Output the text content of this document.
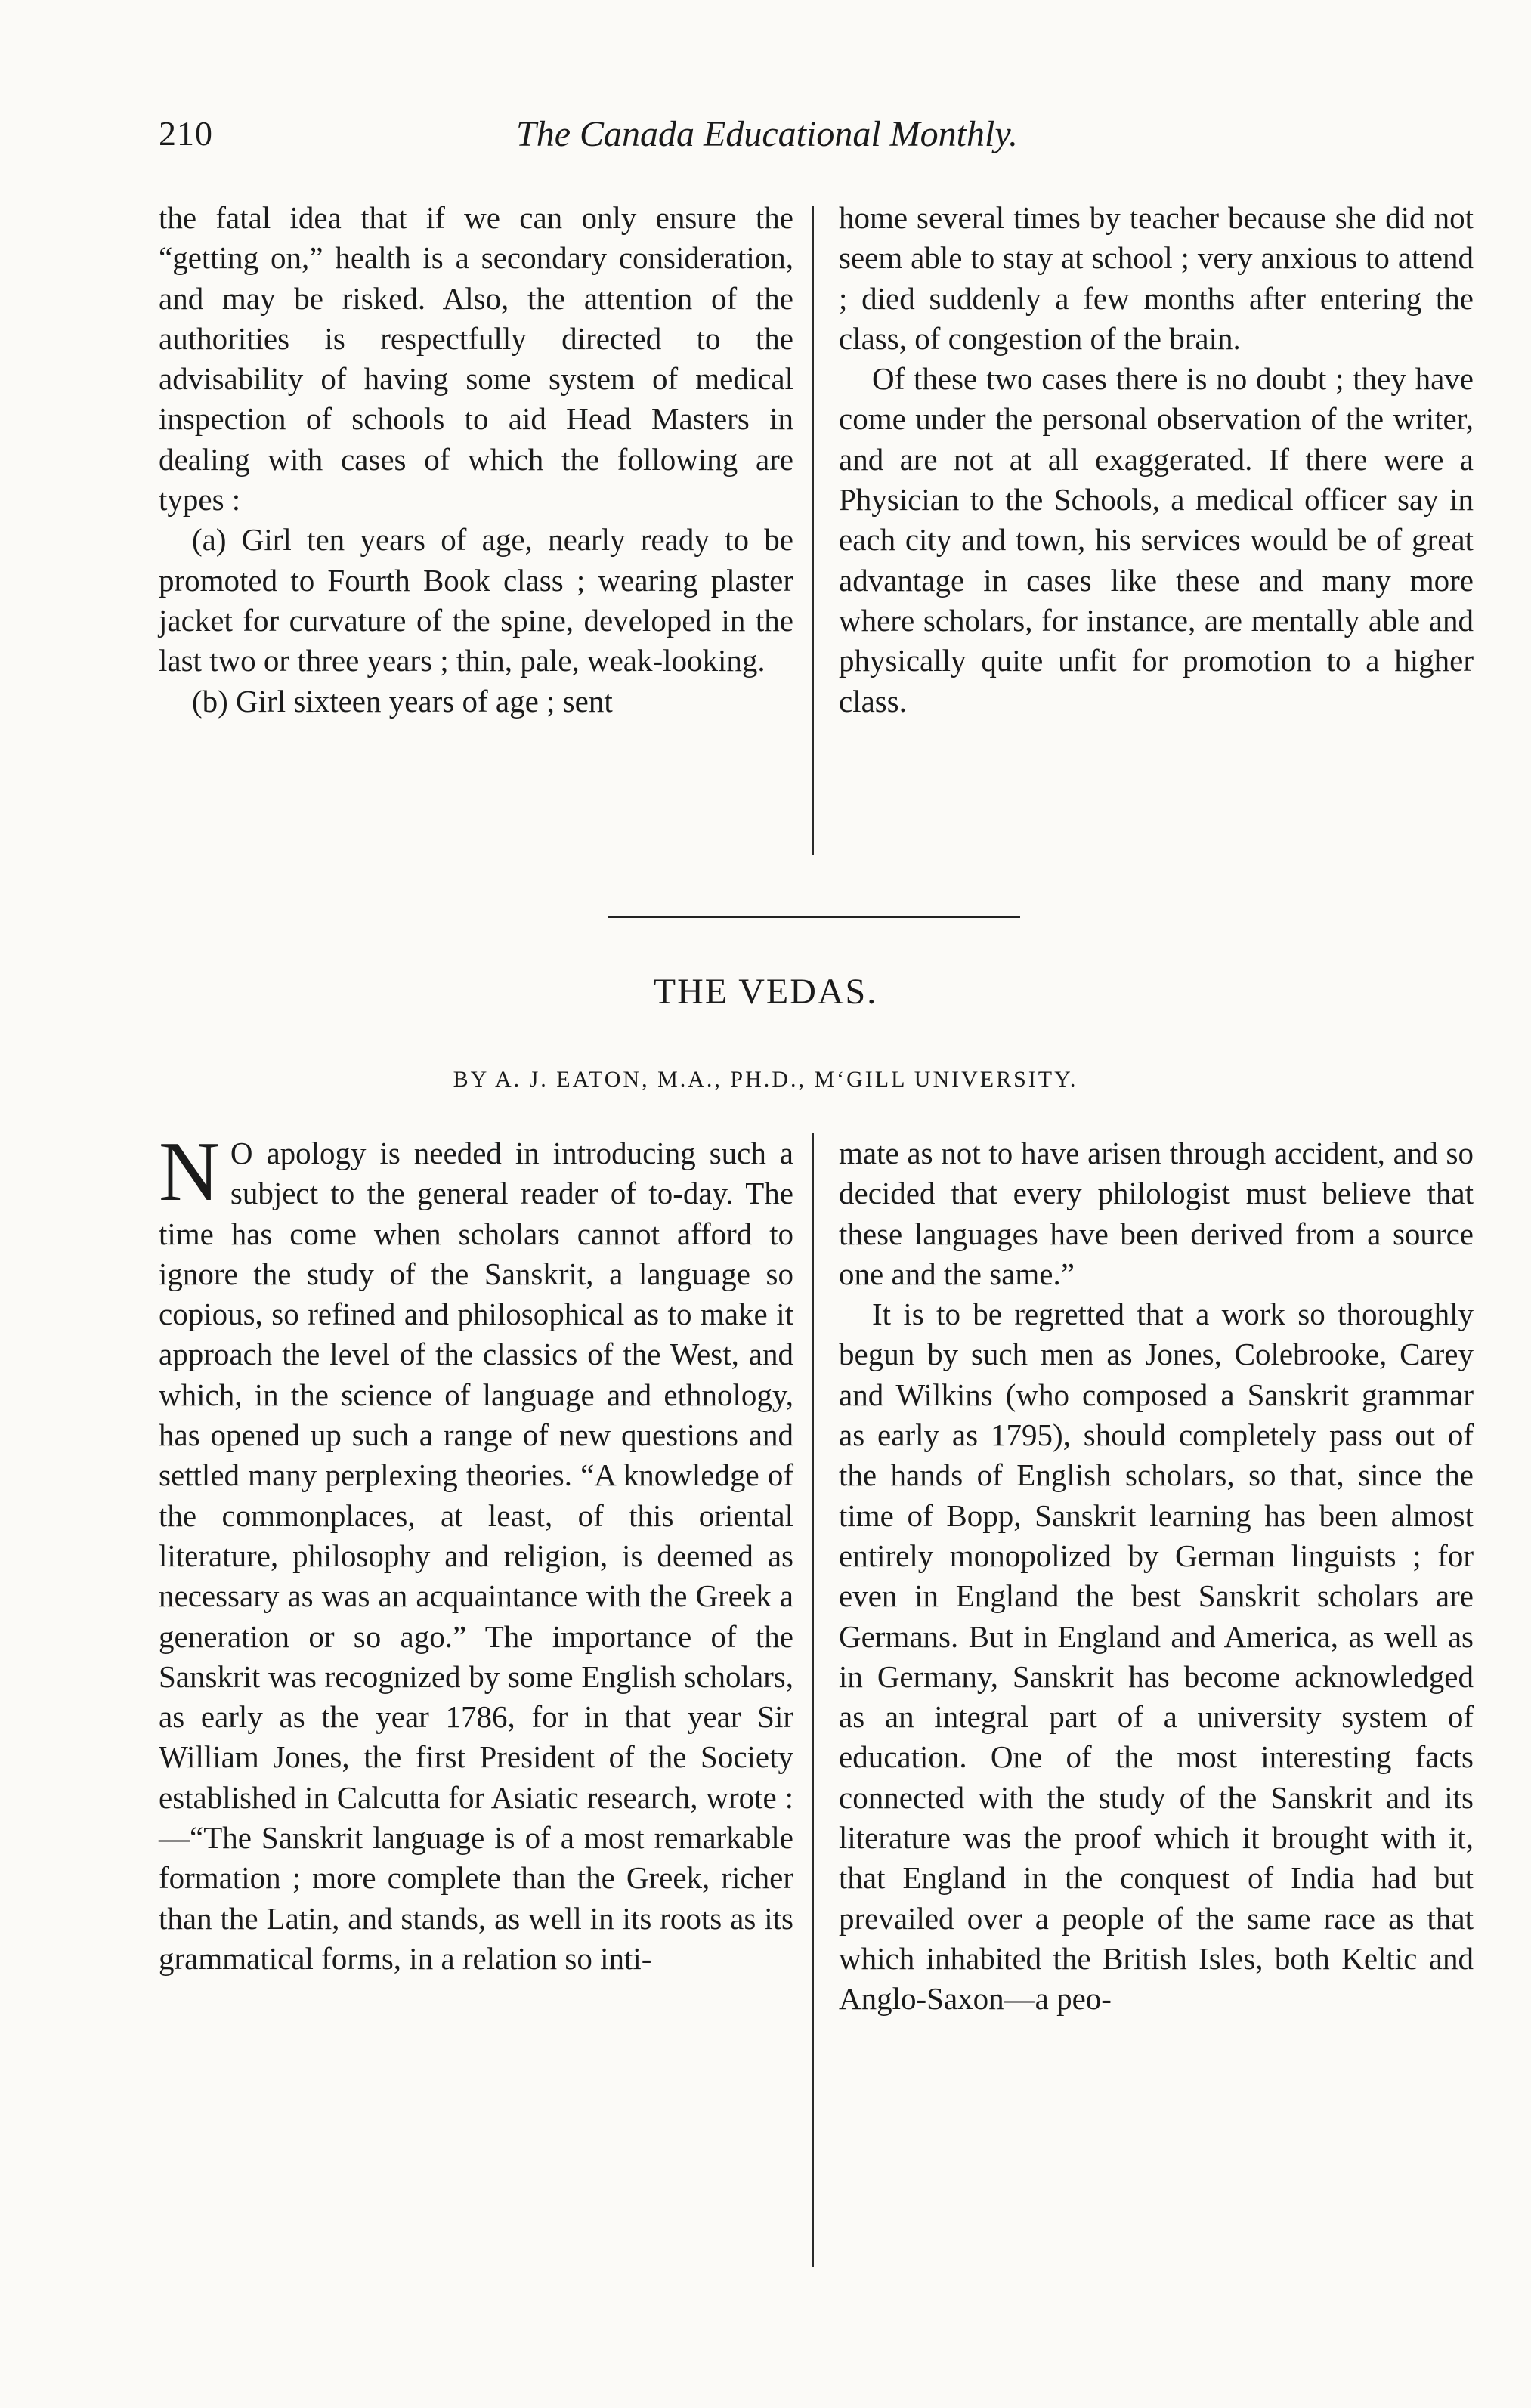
210	The Canada Educational Monthly.

the fatal idea that if we can only ensure the “getting on,” health is a secondary consideration, and may be risked. Also, the attention of the authorities is respectfully directed to the advisability of having some system of medical inspection of schools to aid Head Masters in dealing with cases of which the following are types :

(a) Girl ten years of age, nearly ready to be promoted to Fourth Book class ; wearing plaster jacket for curvature of the spine, developed in the last two or three years ; thin, pale, weak-looking.

(b) Girl sixteen years of age ; sent

home several times by teacher because she did not seem able to stay at school ; very anxious to attend ; died suddenly a few months after entering the class, of congestion of the brain.

Of these two cases there is no doubt ; they have come under the personal observation of the writer, and are not at all exaggerated. If there were a Physician to the Schools, a medical officer say in each city and town, his services would be of great advantage in cases like these and many more where scholars, for instance, are mentally able and physically quite unfit for promotion to a higher class.

THE VEDAS.
BY A. J. EATON, M.A., PH.D., M‘GILL UNIVERSITY.

N O apology is needed in introducing such a subject to the general reader of to-day. The time has come when scholars cannot afford to ignore the study of the Sanskrit, a language so copious, so refined and philosophical as to make it approach the level of the classics of the West, and which, in the science of language and ethnology, has opened up such a range of new questions and settled many perplexing theories. “A knowledge of the commonplaces, at least, of this oriental literature, philosophy and religion, is deemed as necessary as was an acquaintance with the Greek a generation or so ago.” The importance of the Sanskrit was recognized by some English scholars, as early as the year 1786, for in that year Sir William Jones, the first President of the Society established in Calcutta for Asiatic research, wrote :—“The Sanskrit language is of a most remarkable formation ; more complete than the Greek, richer than the Latin, and stands, as well in its roots as its grammatical forms, in a relation so inti-

mate as not to have arisen through accident, and so decided that every philologist must believe that these languages have been derived from a source one and the same.”

It is to be regretted that a work so thoroughly begun by such men as Jones, Colebrooke, Carey and Wilkins (who composed a Sanskrit grammar as early as 1795), should completely pass out of the hands of English scholars, so that, since the time of Bopp, Sanskrit learning has been almost entirely monopolized by German linguists ; for even in England the best Sanskrit scholars are Germans. But in England and America, as well as in Germany, Sanskrit has become acknowledged as an integral part of a university system of education. One of the most interesting facts connected with the study of the Sanskrit and its literature was the proof which it brought with it, that England in the conquest of India had but prevailed over a people of the same race as that which inhabited the British Isles, both Keltic and Anglo-Saxon—a peo-
